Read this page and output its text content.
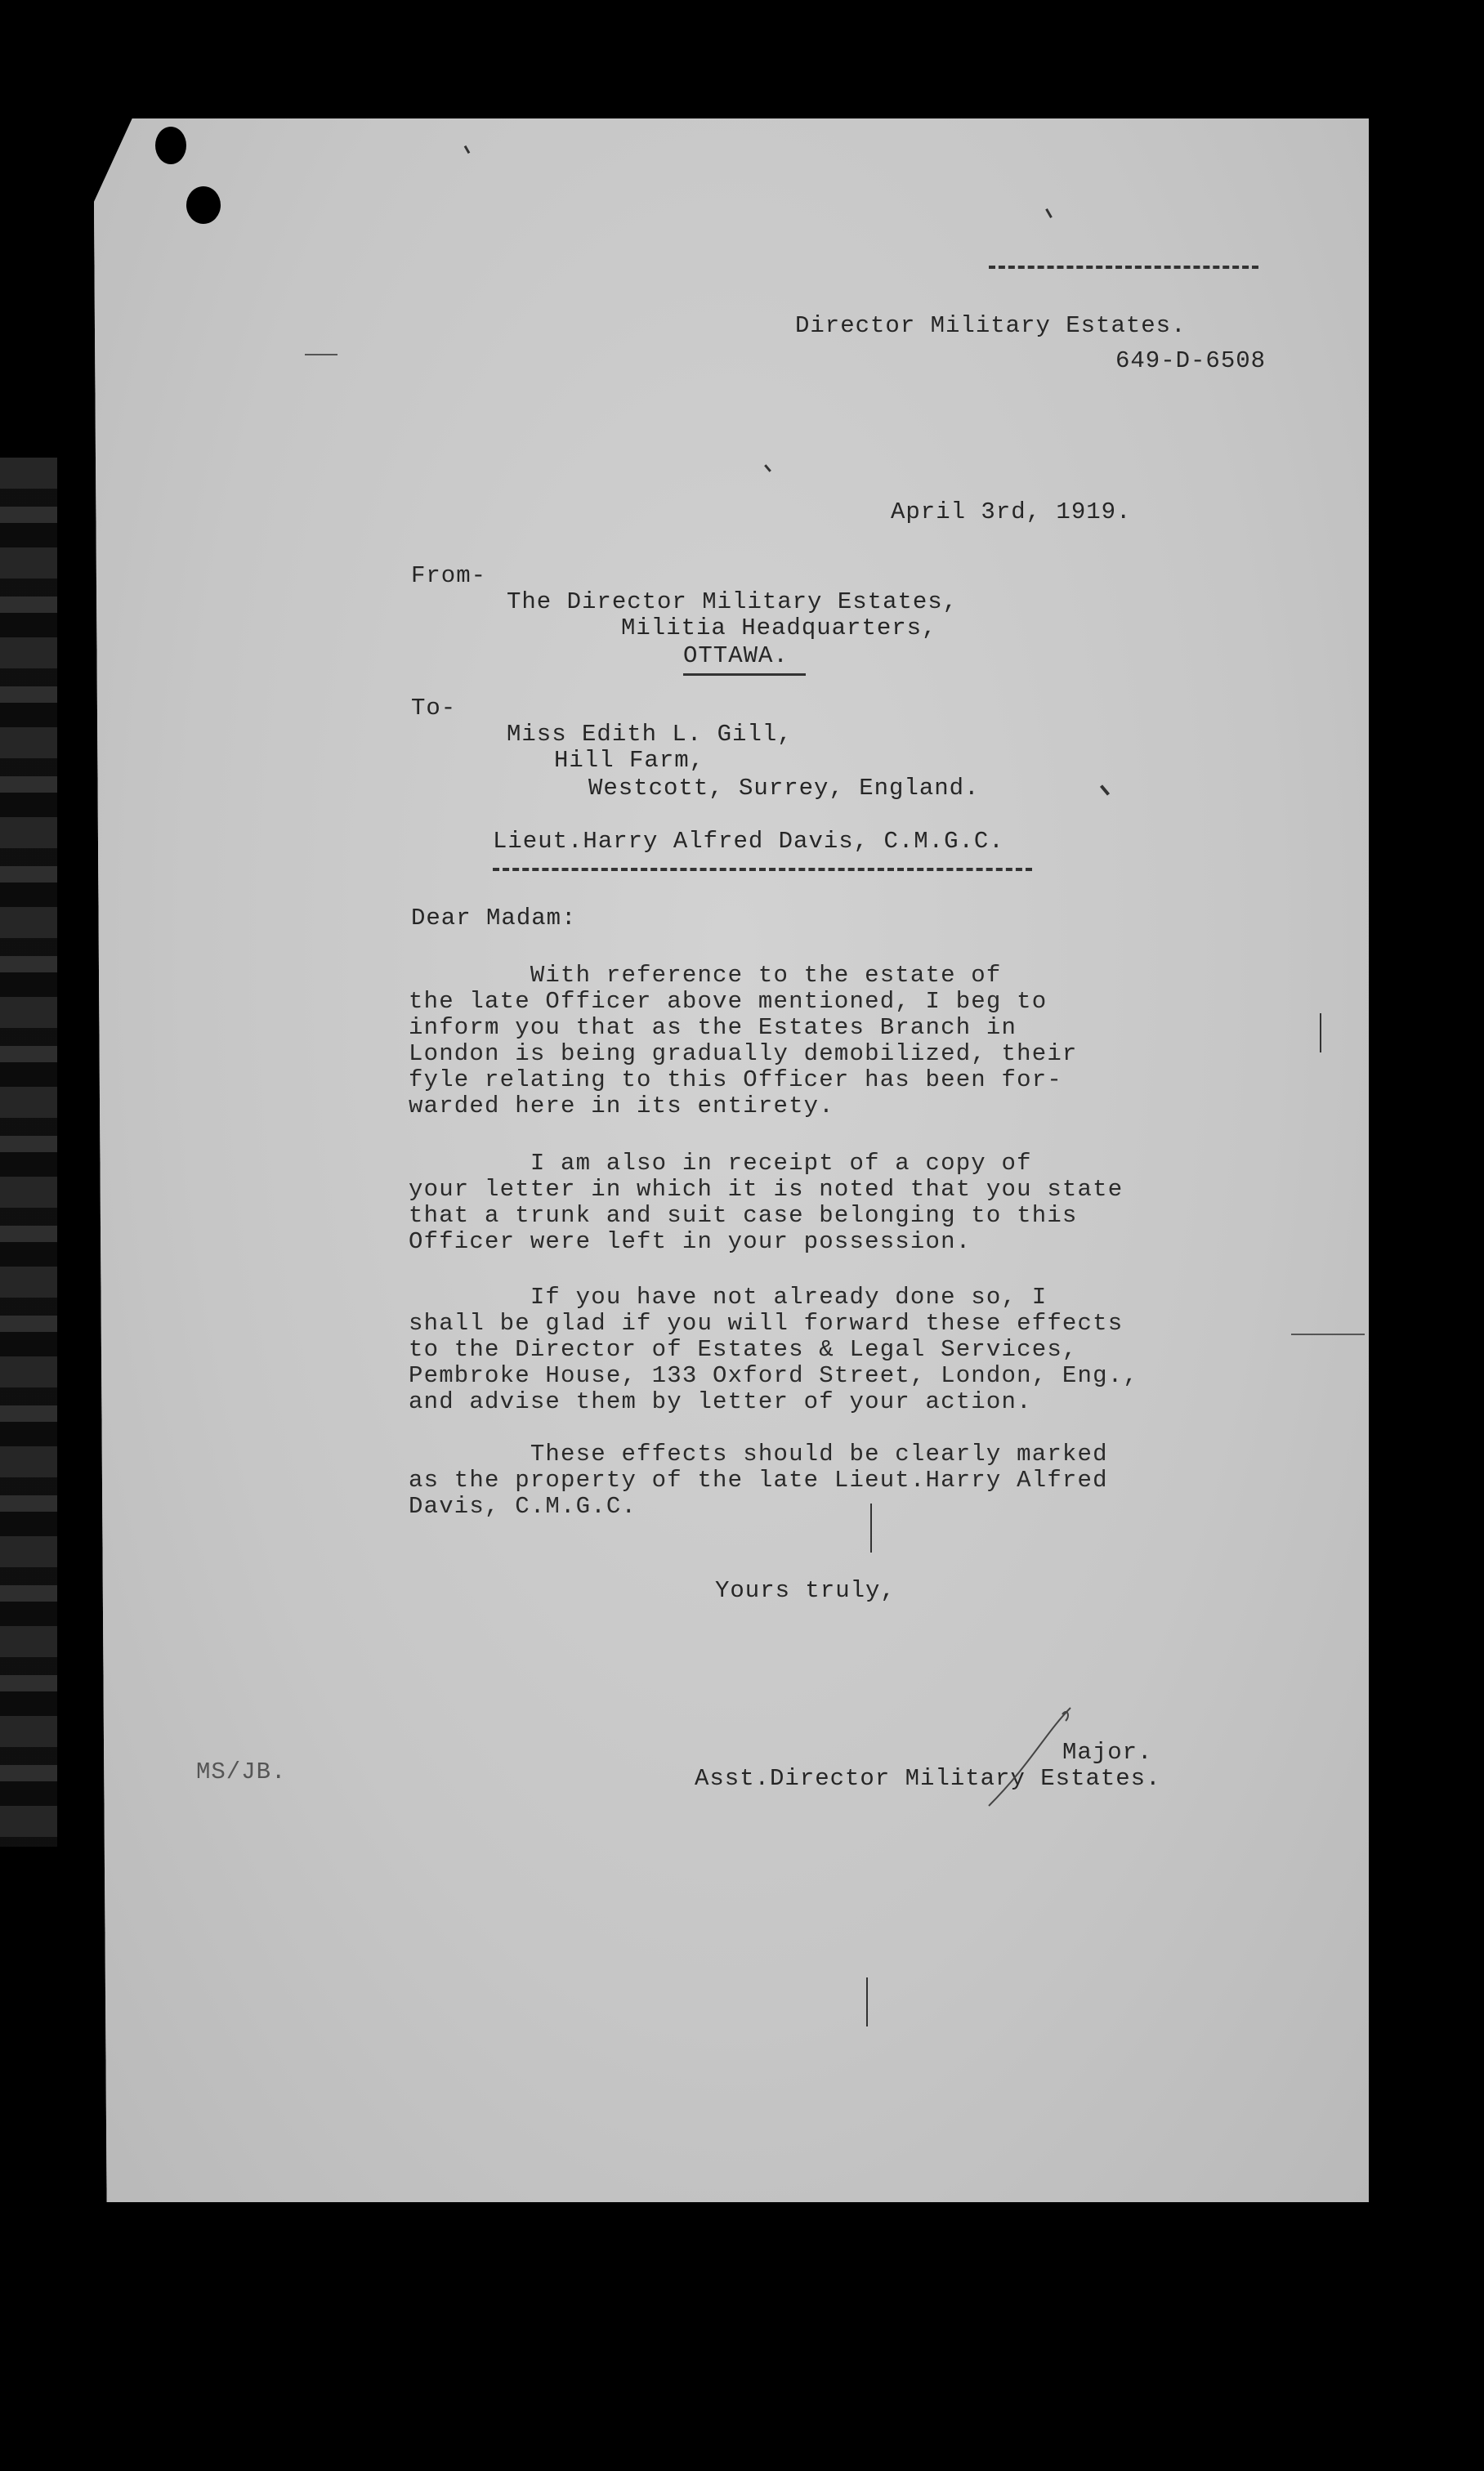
Director Military Estates.
649-D-6508
April 3rd, 1919.
From-
The Director Military Estates,
Militia Headquarters,
OTTAWA.
To-
Miss Edith L. Gill,
Hill Farm,
Westcott, Surrey, England.
Lieut.Harry Alfred Davis, C.M.G.C.
Dear Madam:
With reference to the estate of
the late Officer above mentioned, I beg to
inform you that as the Estates Branch in
London is being gradually demobilized, their
fyle relating to this Officer has been for-
warded here in its entirety.
I am also in receipt of a copy of
your letter in which it is noted that you state
that a trunk and suit case belonging to this
Officer were left in your possession.
If you have not already done so, I
shall be glad if you will forward these effects
to the Director of Estates & Legal Services,
Pembroke House, 133 Oxford Street, London, Eng.,
and advise them by letter of your action.
These effects should be clearly marked
as the property of the late Lieut.Harry Alfred
Davis, C.M.G.C.
Yours truly,
Major.
Asst.Director Military Estates.
MS/JB.
